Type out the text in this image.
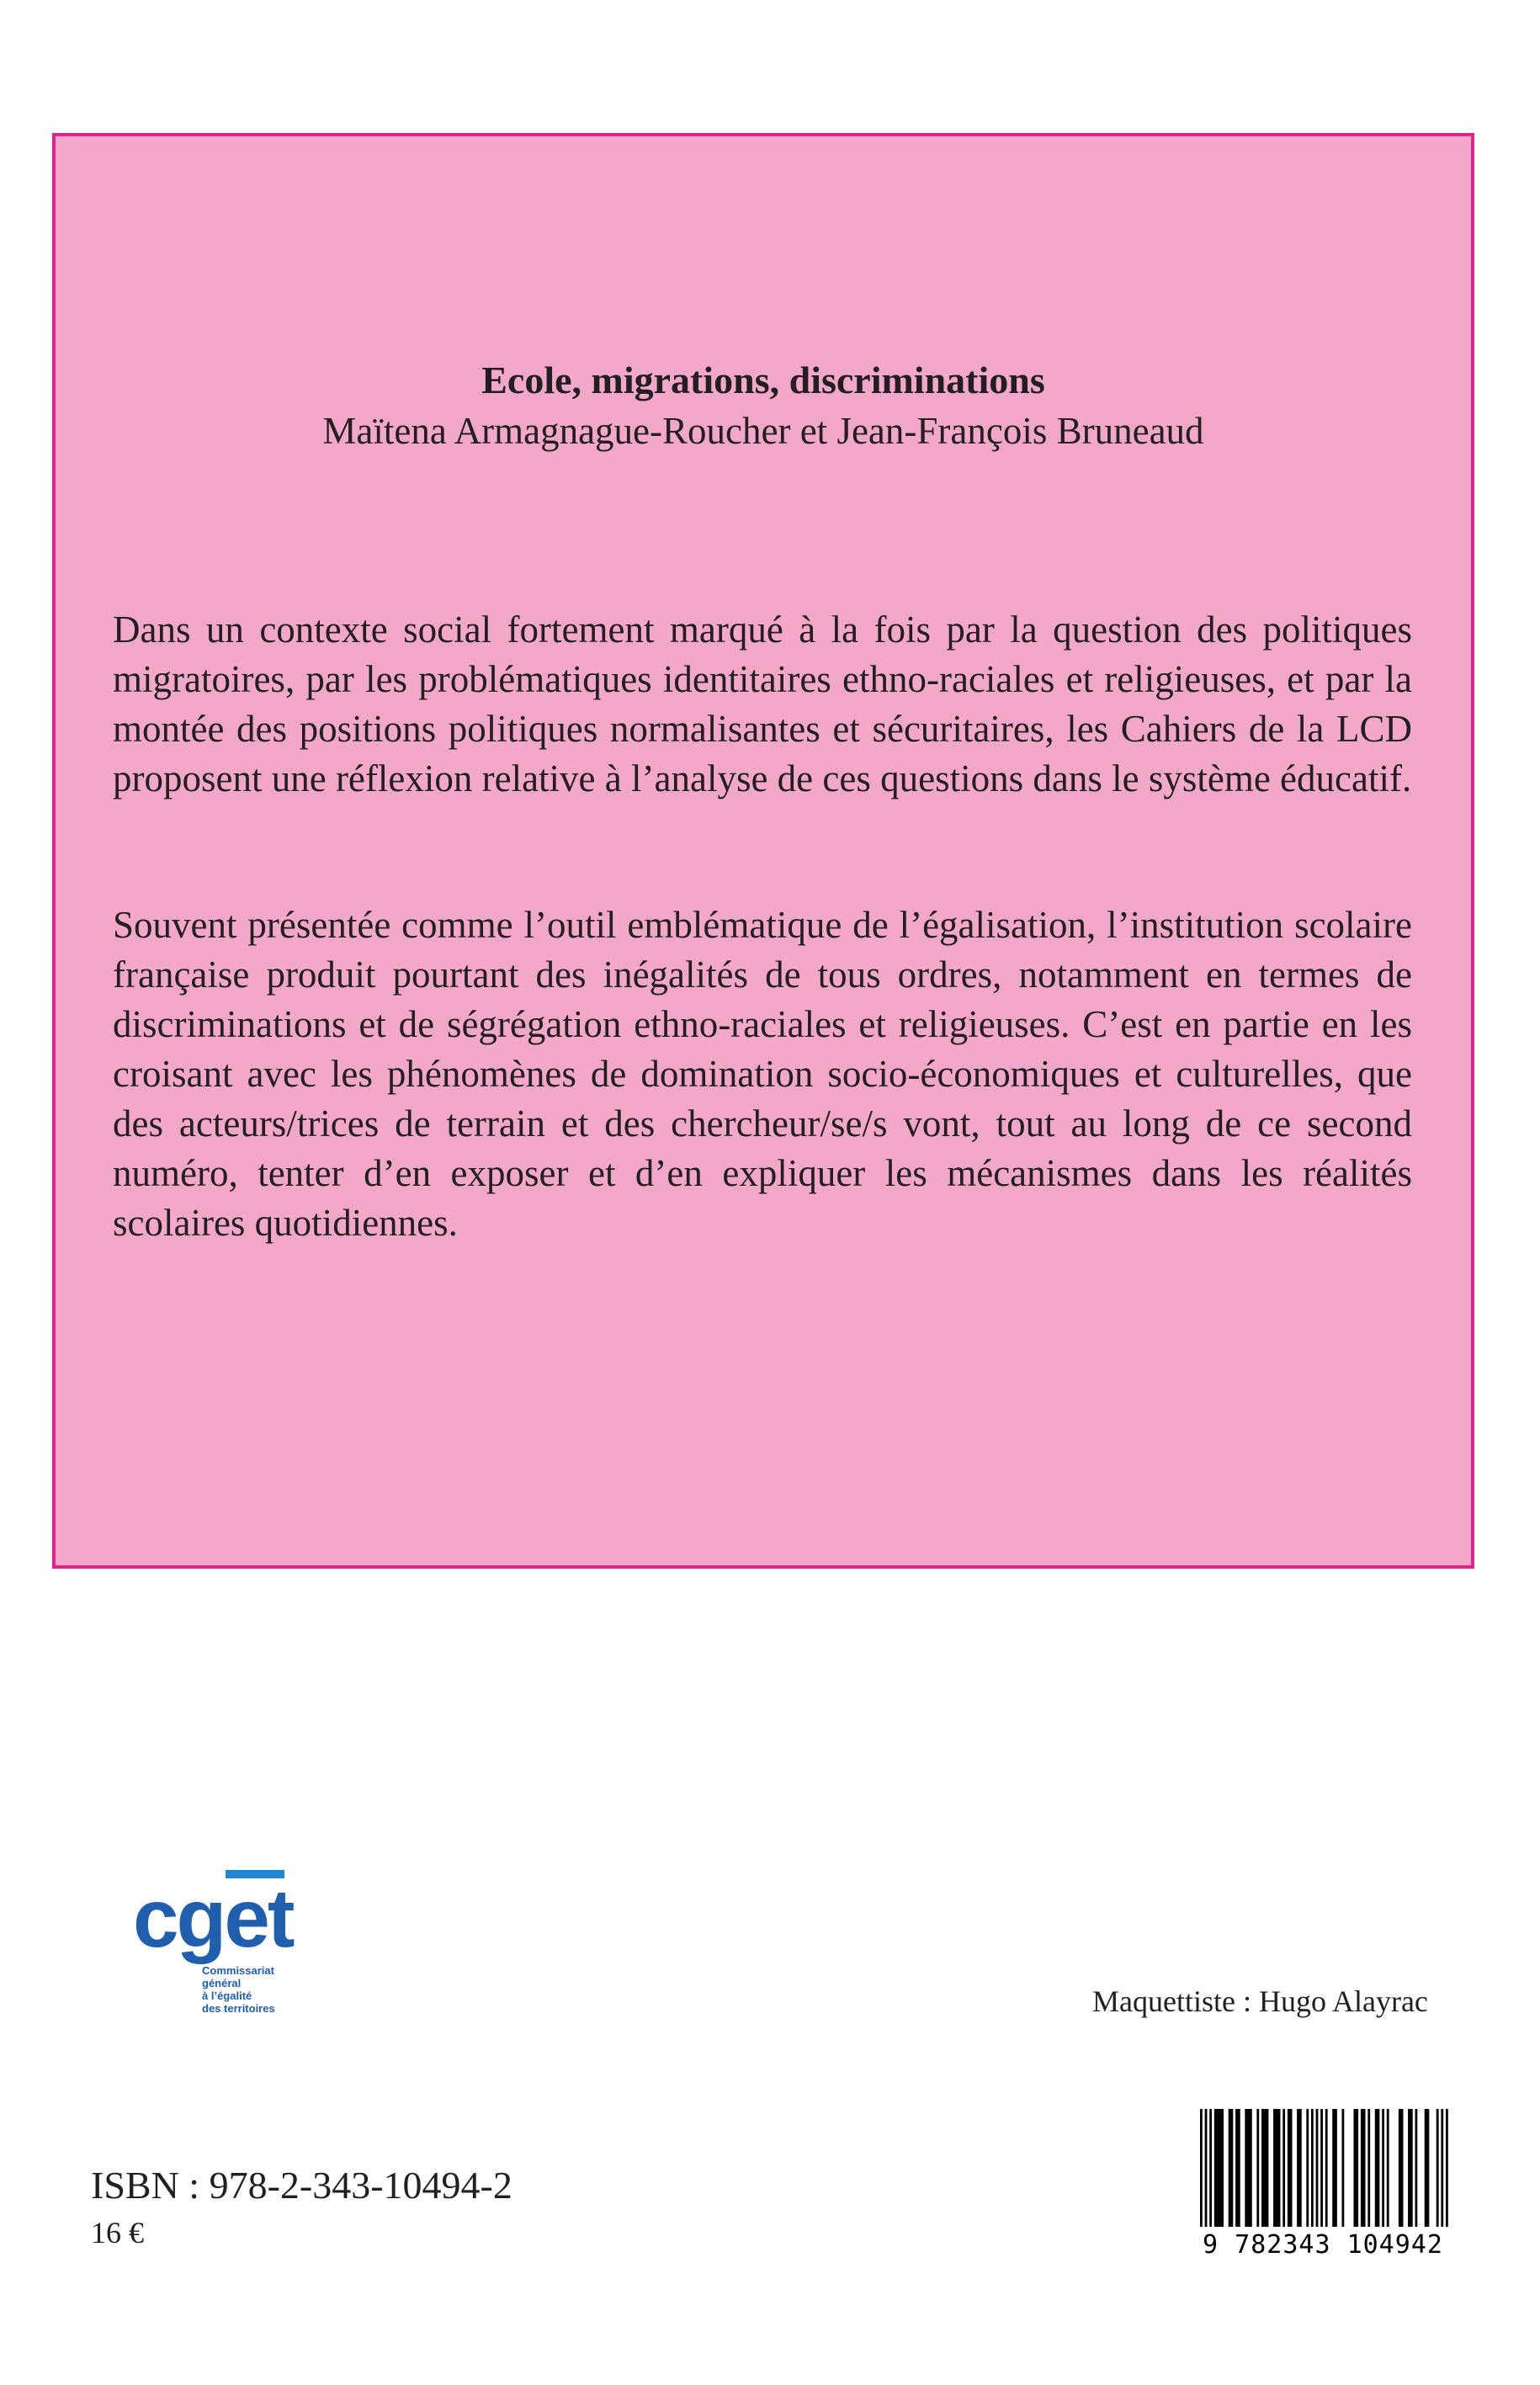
Ecole, migrations, discriminations
Maïtena Armagnague-Roucher et Jean-François Bruneaud

Dans un contexte social fortement marqué à la fois par la question des politiques migratoires, par les problématiques identitaires ethno-raciales et religieuses, et par la montée des positions politiques normalisantes et sécuritaires, les Cahiers de la LCD proposent une réflexion relative à l’analyse de ces questions dans le système éducatif.

Souvent présentée comme l’outil emblématique de l’égalisation, l’institution scolaire française produit pourtant des inégalités de tous ordres, notamment en termes de discriminations et de ségrégation ethno-raciales et religieuses. C’est en partie en les croisant avec les phénomènes de domination socio-économiques et culturelles, que des acteurs/trices de terrain et des chercheur/se/s vont, tout au long de ce second numéro, tenter d’en exposer et d’en expliquer les mécanismes dans les réalités scolaires quotidiennes.

cget
Commissariat
général
à l’égalité
des territoires	Maquettiste : Hugo Alayrac
ISBN : 978-2-343-10494-2
16 €	9 782343 104942
